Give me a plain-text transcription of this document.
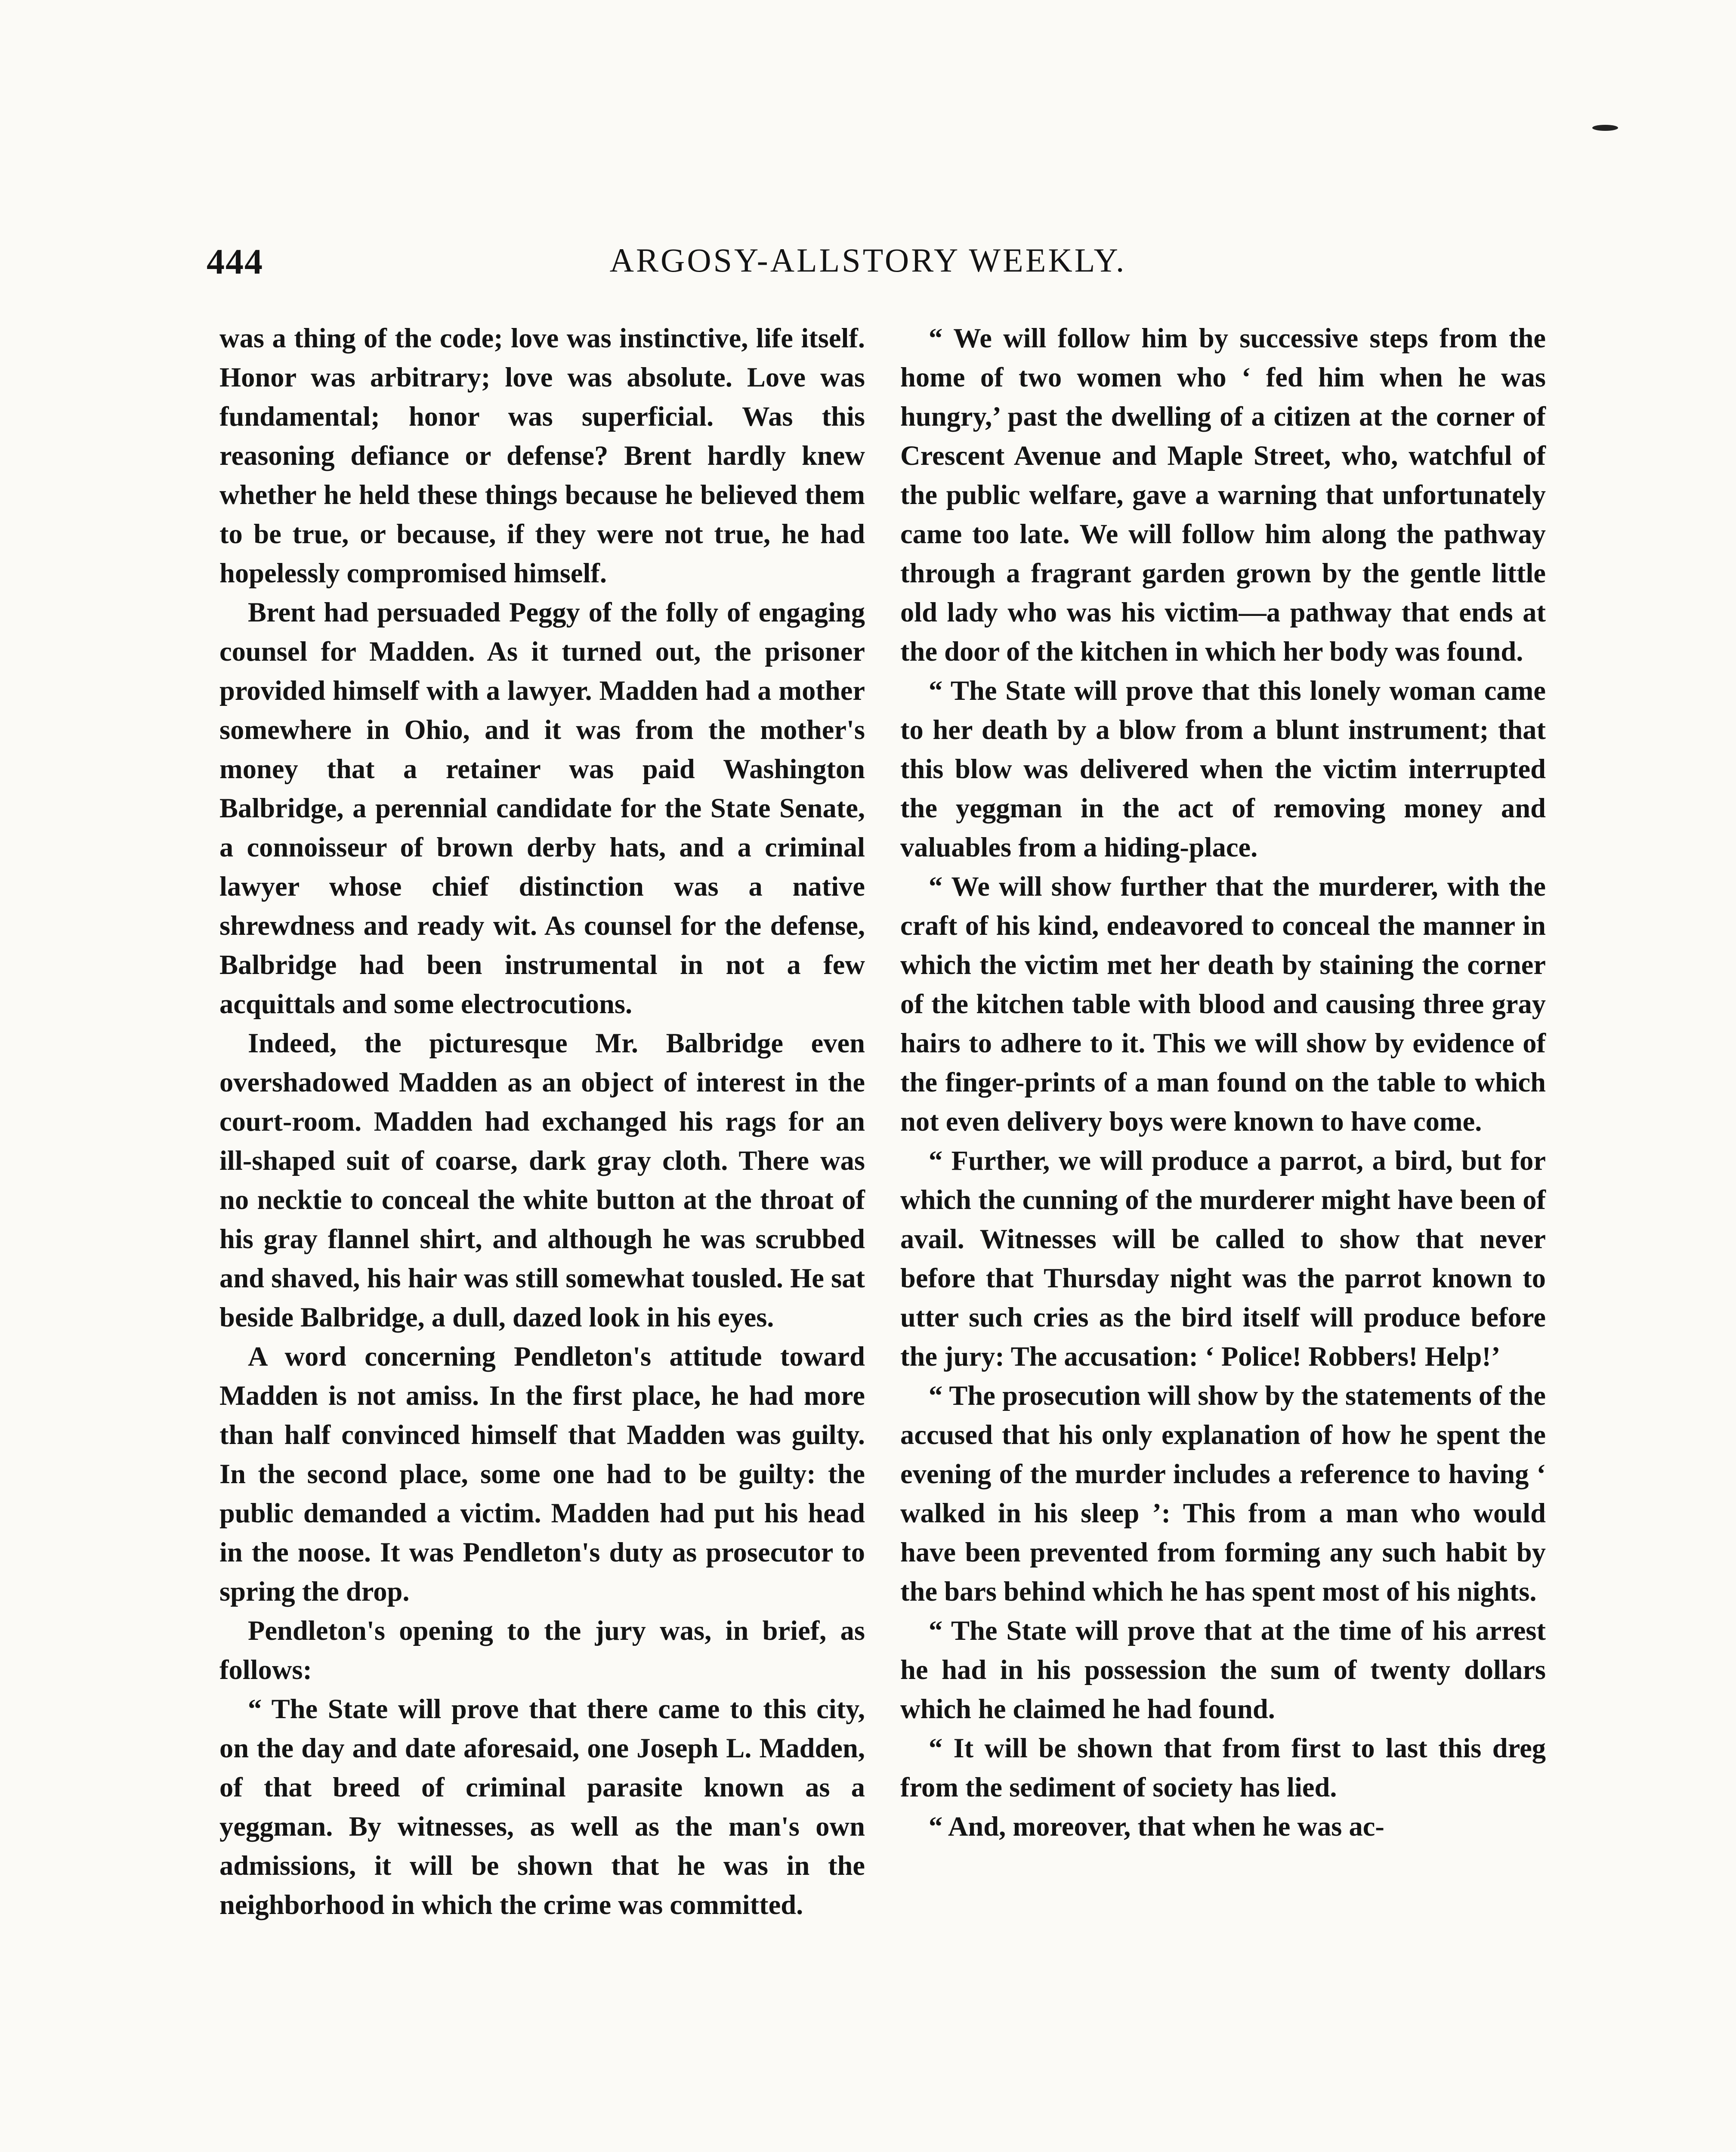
444	ARGOSY-ALLSTORY WEEKLY.

was a thing of the code; love was instinctive, life itself. Honor was arbitrary; love was absolute. Love was fundamental; honor was superficial. Was this reasoning defiance or defense? Brent hardly knew whether he held these things because he believed them to be true, or because, if they were not true, he had hopelessly compromised himself.

Brent had persuaded Peggy of the folly of engaging counsel for Madden. As it turned out, the prisoner provided himself with a lawyer. Madden had a mother somewhere in Ohio, and it was from the mother's money that a retainer was paid Washington Balbridge, a perennial candidate for the State Senate, a connoisseur of brown derby hats, and a criminal lawyer whose chief distinction was a native shrewdness and ready wit. As counsel for the defense, Balbridge had been instrumental in not a few acquittals and some electrocutions.

Indeed, the picturesque Mr. Balbridge even overshadowed Madden as an object of interest in the court-room. Madden had exchanged his rags for an ill-shaped suit of coarse, dark gray cloth. There was no necktie to conceal the white button at the throat of his gray flannel shirt, and although he was scrubbed and shaved, his hair was still somewhat tousled. He sat beside Balbridge, a dull, dazed look in his eyes.

A word concerning Pendleton's attitude toward Madden is not amiss. In the first place, he had more than half convinced himself that Madden was guilty. In the second place, some one had to be guilty: the public demanded a victim. Madden had put his head in the noose. It was Pendleton's duty as prosecutor to spring the drop.

Pendleton's opening to the jury was, in brief, as follows:

“ The State will prove that there came to this city, on the day and date aforesaid, one Joseph L. Madden, of that breed of criminal parasite known as a yeggman. By witnesses, as well as the man's own admissions, it will be shown that he was in the neighborhood in which the crime was committed.

“ We will follow him by successive steps from the home of two women who ‘ fed him when he was hungry,’ past the dwelling of a citizen at the corner of Crescent Avenue and Maple Street, who, watchful of the public welfare, gave a warning that unfortunately came too late. We will follow him along the pathway through a fragrant garden grown by the gentle little old lady who was his victim—a pathway that ends at the door of the kitchen in which her body was found.

“ The State will prove that this lonely woman came to her death by a blow from a blunt instrument; that this blow was delivered when the victim interrupted the yeggman in the act of removing money and valuables from a hiding-place.

“ We will show further that the murderer, with the craft of his kind, endeavored to conceal the manner in which the victim met her death by staining the corner of the kitchen table with blood and causing three gray hairs to adhere to it. This we will show by evidence of the finger-prints of a man found on the table to which not even delivery boys were known to have come.

“ Further, we will produce a parrot, a bird, but for which the cunning of the murderer might have been of avail. Witnesses will be called to show that never before that Thursday night was the parrot known to utter such cries as the bird itself will produce before the jury: The accusation: ‘ Police! Robbers! Help!’

“ The prosecution will show by the statements of the accused that his only explanation of how he spent the evening of the murder includes a reference to having ‘ walked in his sleep ’: This from a man who would have been prevented from forming any such habit by the bars behind which he has spent most of his nights.

“ The State will prove that at the time of his arrest he had in his possession the sum of twenty dollars which he claimed he had found.

“ It will be shown that from first to last this dreg from the sediment of society has lied.

“ And, moreover, that when he was ac-
